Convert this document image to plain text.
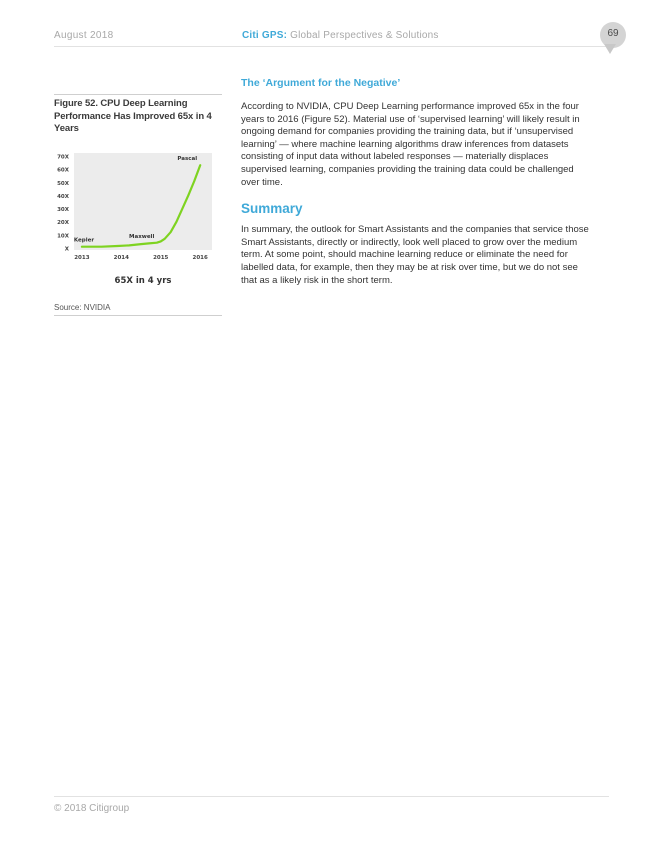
August 2018	Citi GPS: Global Perspectives & Solutions	69

Figure 52. CPU Deep Learning Performance Has Improved 65x in 4 Years

65X in 4 yrs
X
10X
20X
30X
40X
50X
60X
70X
2013	2014	2015	2016
Kepler
Maxwell
Pascal
Source: NVIDIA
The ‘Argument for the Negative’

According to NVIDIA, CPU Deep Learning performance improved 65x in the four years to 2016 (Figure 52). Material use of ‘supervised learning’ will likely result in ongoing demand for companies providing the training data, but if ‘unsupervised learning’ — where machine learning algorithms draw inferences from datasets consisting of input data without labeled responses — materially displaces supervised learning, companies providing the training data could be challenged over time.

Summary

In summary, the outlook for Smart Assistants and the companies that service those Smart Assistants, directly or indirectly, look well placed to grow over the medium term. At some point, should machine learning reduce or eliminate the need for labelled data, for example, then they may be at risk over time, but we do not see that as a likely risk in the short term.

© 2018 Citigroup
